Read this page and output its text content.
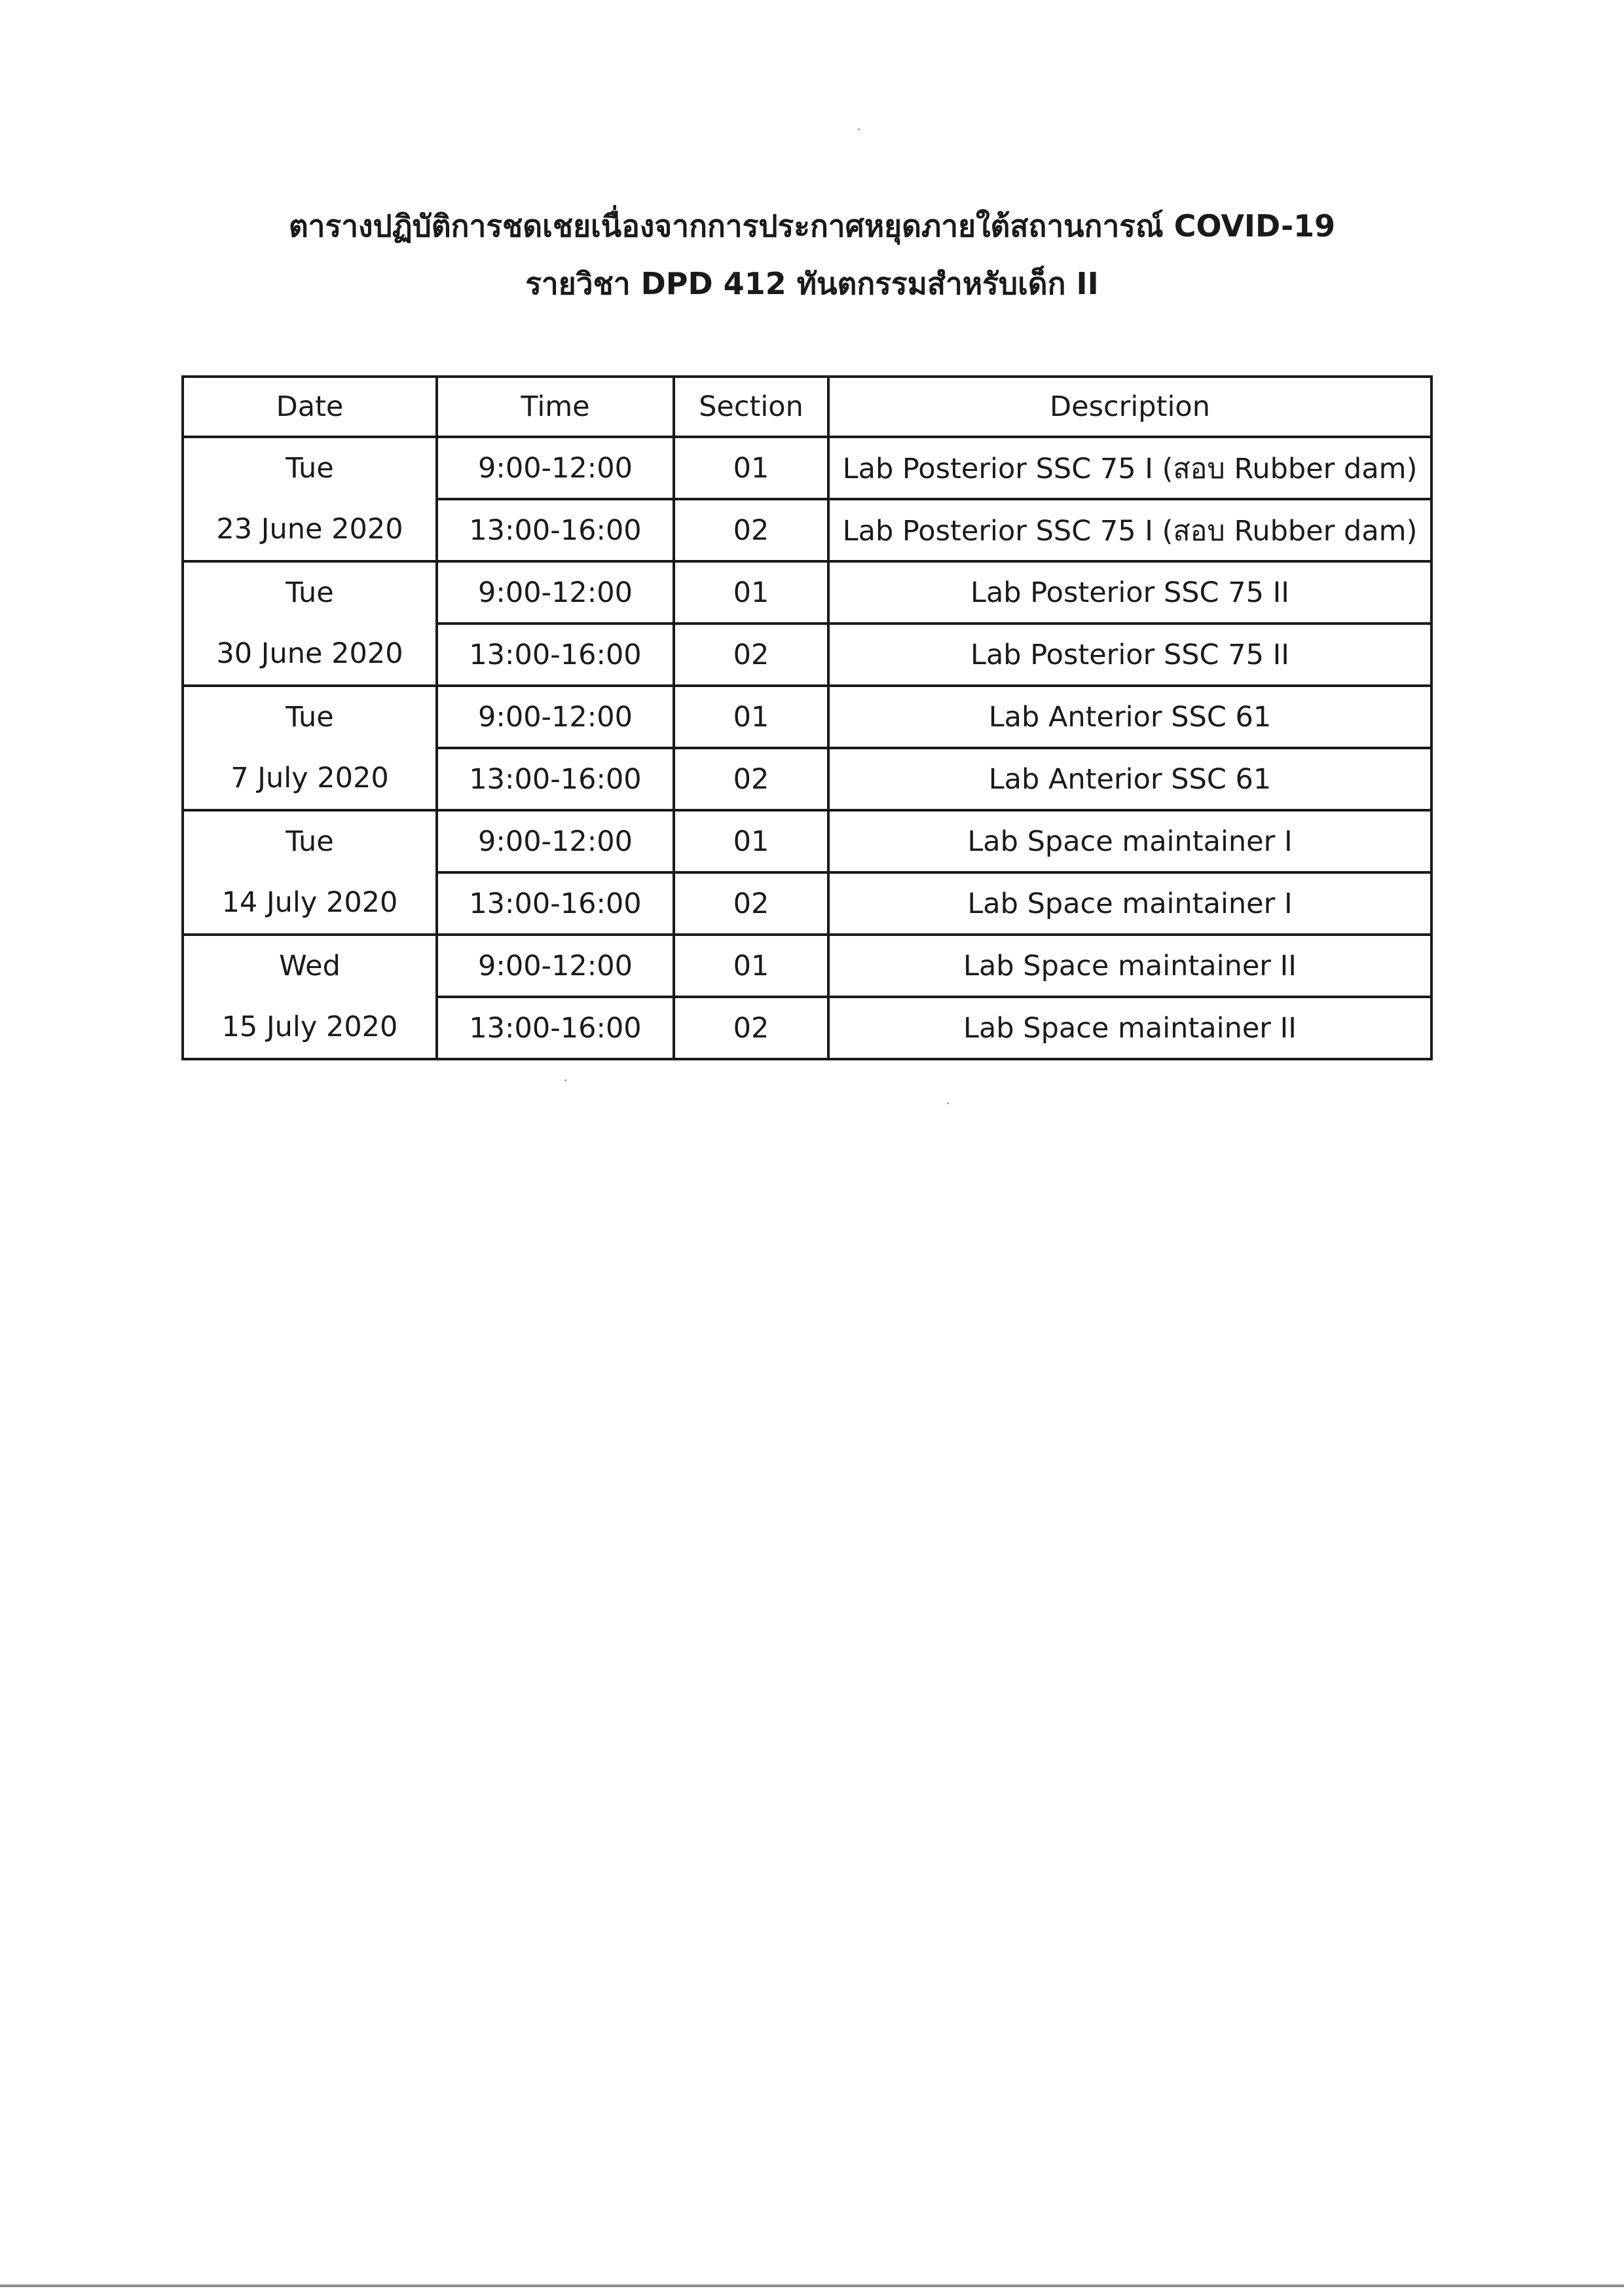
ตารางปฏิบัติการชดเชยเนื่องจากการประกาศหยุดภายใต้สถานการณ์ COVID-19
รายวิชา DPD 412 ทันตกรรมสำหรับเด็ก II
Date	Time	Section	Description

Tue
23 June 2020	9:00-12:00	01	Lab Posterior SSC 75 I (สอบ Rubber dam)
	13:00-16:00	02	Lab Posterior SSC 75 I (สอบ Rubber dam)

Tue
30 June 2020	9:00-12:00	01	Lab Posterior SSC 75 II
	13:00-16:00	02	Lab Posterior SSC 75 II

Tue
7 July 2020	9:00-12:00	01	Lab Anterior SSC 61
	13:00-16:00	02	Lab Anterior SSC 61

Tue
14 July 2020	9:00-12:00	01	Lab Space maintainer I
	13:00-16:00	02	Lab Space maintainer I

Wed
15 July 2020	9:00-12:00	01	Lab Space maintainer II
	13:00-16:00	02	Lab Space maintainer II
